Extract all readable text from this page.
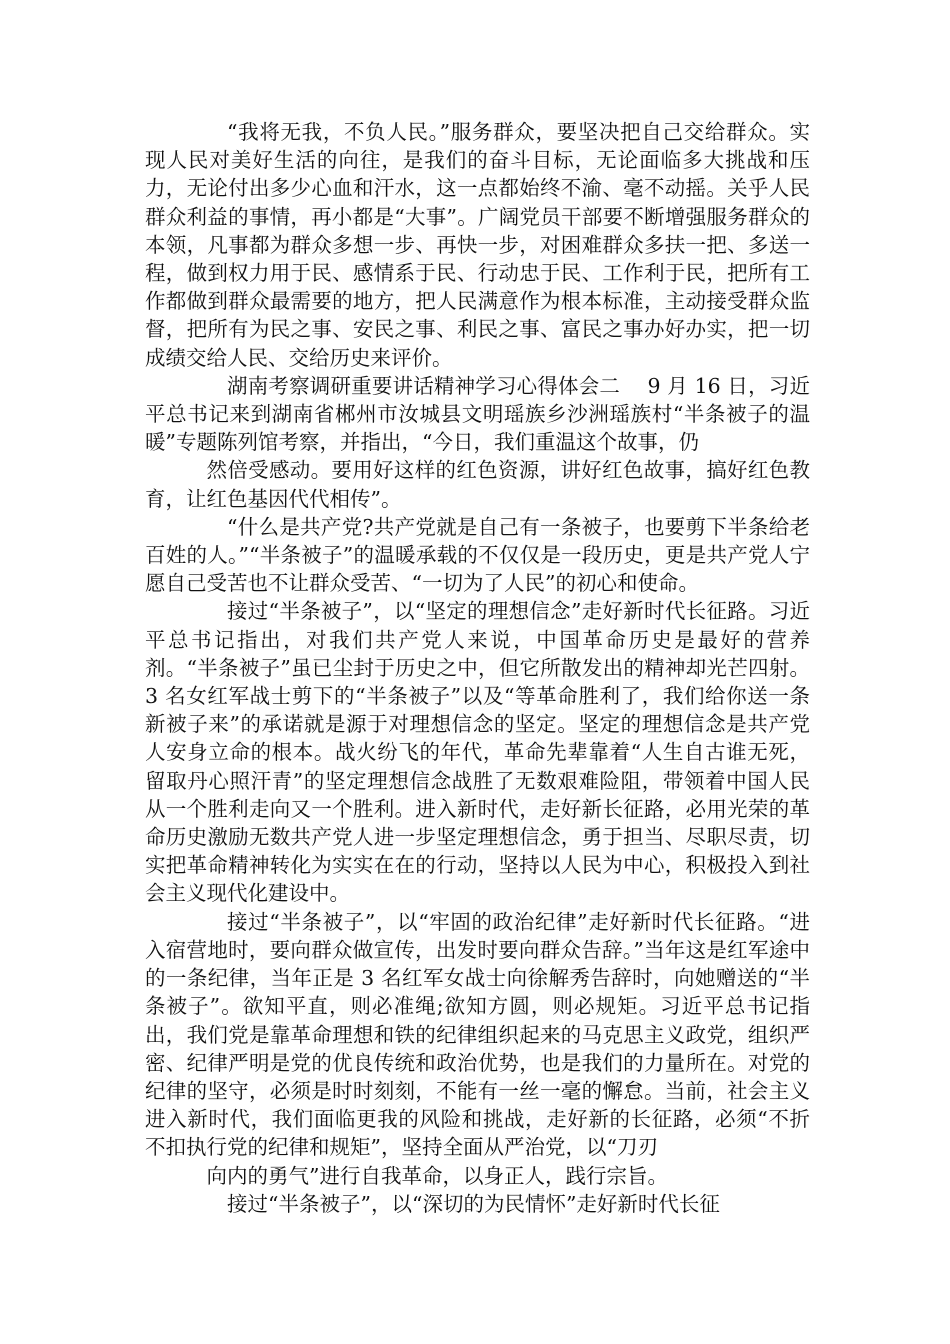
“我将无我，不负人民。”服务群众，要坚决把自己交给群众。实现人民对美好生活的向往，是我们的奋斗目标，无论面临多大挑战和压力，无论付出多少心血和汗水，这一点都始终不渝、毫不动摇。关乎人民群众利益的事情，再小都是“大事”。广阔党员干部要不断增强服务群众的本领，凡事都为群众多想一步、再快一步，对困难群众多扶一把、多送一程，做到权力用于民、感情系于民、行动忠于民、工作利于民，把所有工作都做到群众最需要的地方，把人民满意作为根本标准，主动接受群众监督，把所有为民之事、安民之事、利民之事、富民之事办好办实，把一切成绩交给人民、交给历史来评价。

湖南考察调研重要讲话精神学习心得体会二　 9 月 16 日，习近平总书记来到湖南省郴州市汝城县文明瑶族乡沙洲瑶族村“半条被子的温暖”专题陈列馆考察，并指出，“今日，我们重温这个故事，仍

然倍受感动。要用好这样的红色资源，讲好红色故事，搞好红色教育，让红色基因代代相传”。

“什么是共产党?共产党就是自己有一条被子，也要剪下半条给老百姓的人。”“半条被子”的温暖承载的不仅仅是一段历史，更是共产党人宁愿自己受苦也不让群众受苦、“一切为了人民”的初心和使命。

接过“半条被子”，以“坚定的理想信念”走好新时代长征路。习近平总书记指出，对我们共产党人来说，中国革命历史是最好的营养剂。“半条被子”虽已尘封于历史之中，但它所散发出的精神却光芒四射。3 名女红军战士剪下的“半条被子”以及“等革命胜利了，我们给你送一条新被子来”的承诺就是源于对理想信念的坚定。坚定的理想信念是共产党人安身立命的根本。战火纷飞的年代，革命先辈靠着“人生自古谁无死，留取丹心照汗青”的坚定理想信念战胜了无数艰难险阻，带领着中国人民从一个胜利走向又一个胜利。进入新时代，走好新长征路，必用光荣的革命历史激励无数共产党人进一步坚定理想信念，勇于担当、尽职尽责，切实把革命精神转化为实实在在的行动，坚持以人民为中心，积极投入到社会主义现代化建设中。

接过“半条被子”，以“牢固的政治纪律”走好新时代长征路。“进入宿营地时，要向群众做宣传，出发时要向群众告辞。”当年这是红军途中的一条纪律，当年正是 3 名红军女战士向徐解秀告辞时，向她赠送的“半条被子”。欲知平直，则必准绳;欲知方圆，则必规矩。习近平总书记指出，我们党是靠革命理想和铁的纪律组织起来的马克思主义政党，组织严密、纪律严明是党的优良传统和政治优势，也是我们的力量所在。对党的纪律的坚守，必须是时时刻刻，不能有一丝一毫的懈怠。当前，社会主义进入新时代，我们面临更我的风险和挑战，走好新的长征路，必须“不折不扣执行党的纪律和规矩”，坚持全面从严治党，以“刀刃

向内的勇气”进行自我革命，以身正人，践行宗旨。

接过“半条被子”，以“深切的为民情怀”走好新时代长征
